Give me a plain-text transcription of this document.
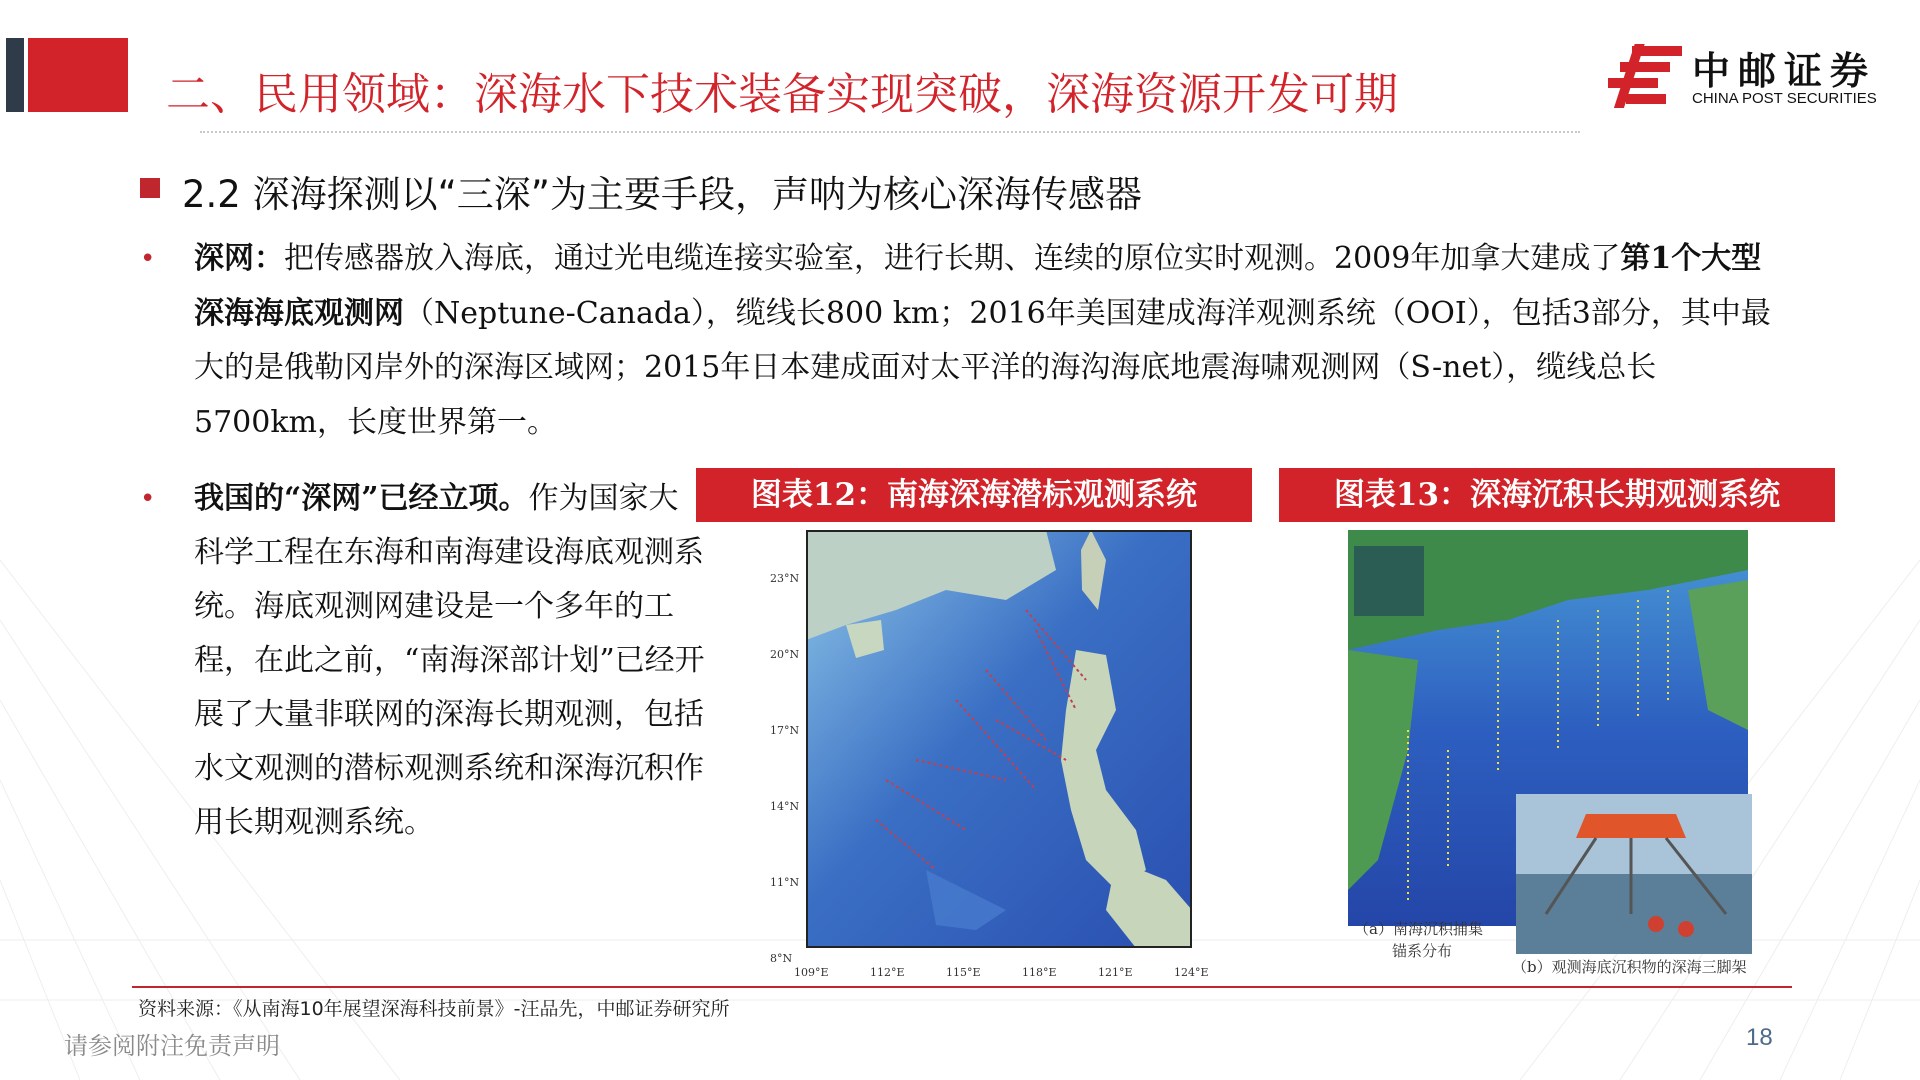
二、民用领域：深海水下技术装备实现突破，深海资源开发可期	中邮证券
CHINA POST SECURITIES
2.2 深海探测以“三深”为主要手段，声呐为核心深海传感器
• 深网：把传感器放入海底，通过光电缆连接实验室，进行长期、连续的原位实时观测。2009年加拿大建成了第1个大型深海海底观测网（Neptune-Canada），缆线长800 km；2016年美国建成海洋观测系统（OOI），包括3部分，其中最大的是俄勒冈岸外的深海区域网；2015年日本建成面对太平洋的海沟海底地震海啸观测网（S-net），缆线总长5700km，长度世界第一。
• 我国的“深网”已经立项。作为国家大科学工程在东海和南海建设海底观测系统。海底观测网建设是一个多年的工程，在此之前，“南海深部计划”已经开展了大量非联网的深海长期观测，包括水文观测的潜标观测系统和深海沉积作用长期观测系统。
图表12：南海深海潜标观测系统	图表13：深海沉积长期观测系统
23°N
20°N
17°N
14°N
11°N
8°N
109°E	112°E	115°E	118°E	121°E	124°E
（a）南海沉积捕集
锚系分布
（b）观测海底沉积物的深海三脚架
资料来源：《从南海10年展望深海科技前景》-汪品先，中邮证券研究所
请参阅附注免责声明	18
